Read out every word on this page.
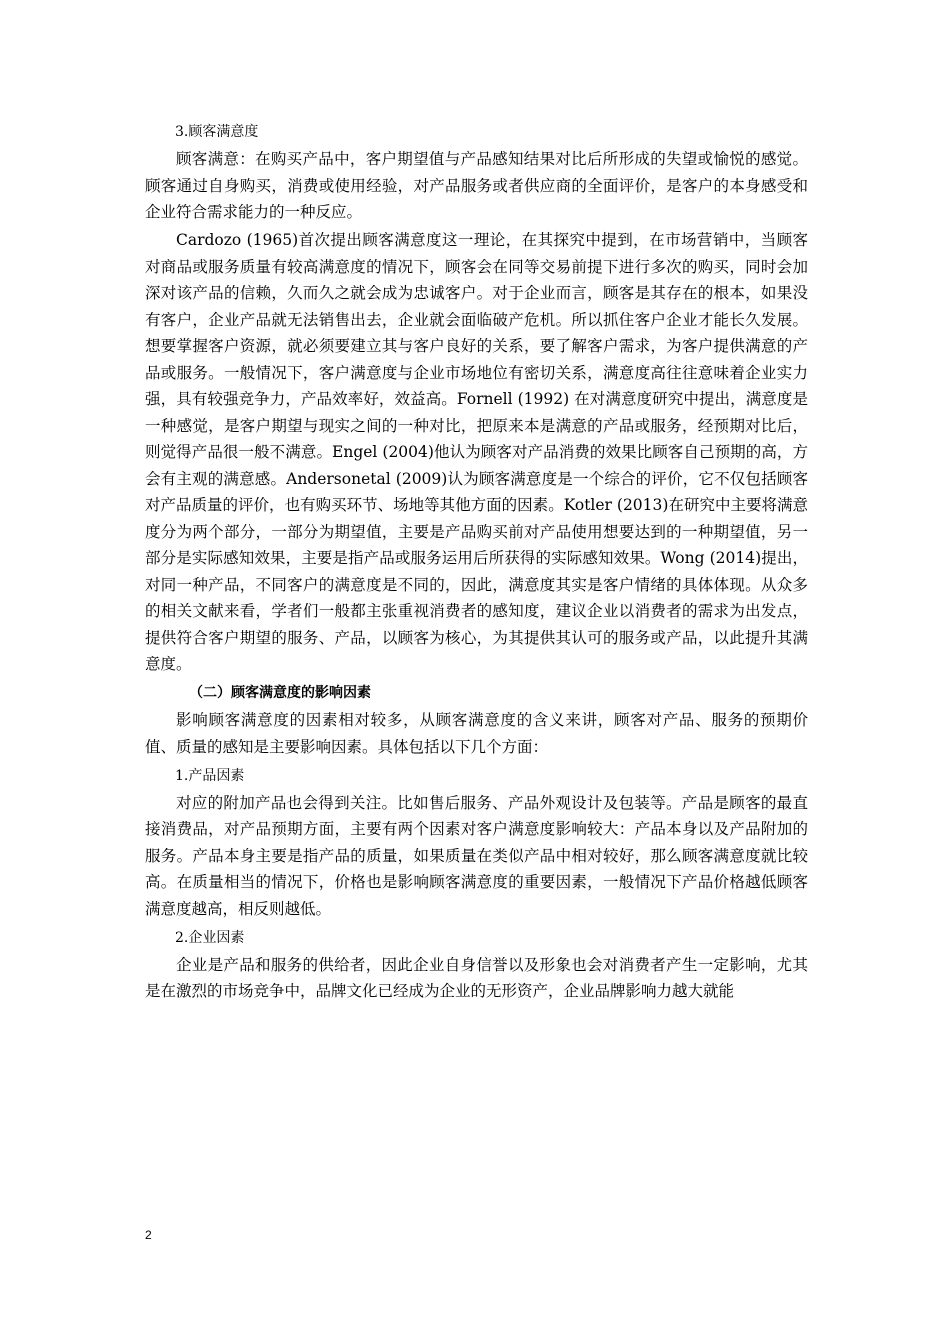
3.顾客满意度

顾客满意：在购买产品中，客户期望值与产品感知结果对比后所形成的失望或愉悦的感觉。顾客通过自身购买，消费或使用经验，对产品服务或者供应商的全面评价，是客户的本身感受和企业符合需求能力的一种反应。

Cardozo (1965)首次提出顾客满意度这一理论，在其探究中提到，在市场营销中，当顾客对商品或服务质量有较高满意度的情况下，顾客会在同等交易前提下进行多次的购买，同时会加深对该产品的信赖，久而久之就会成为忠诚客户。对于企业而言，顾客是其存在的根本，如果没有客户，企业产品就无法销售出去，企业就会面临破产危机。所以抓住客户企业才能长久发展。想要掌握客户资源，就必须要建立其与客户良好的关系，要了解客户需求，为客户提供满意的产品或服务。一般情况下，客户满意度与企业市场地位有密切关系，满意度高往往意味着企业实力强，具有较强竞争力，产品效率好，效益高。Fornell (1992) 在对满意度研究中提出，满意度是一种感觉，是客户期望与现实之间的一种对比，把原来本是满意的产品或服务，经预期对比后，则觉得产品很一般不满意。Engel (2004)他认为顾客对产品消费的效果比顾客自己预期的高，方会有主观的满意感。Andersonetal (2009)认为顾客满意度是一个综合的评价，它不仅包括顾客对产品质量的评价，也有购买环节、场地等其他方面的因素。Kotler (2013)在研究中主要将满意度分为两个部分，一部分为期望值，主要是产品购买前对产品使用想要达到的一种期望值，另一部分是实际感知效果，主要是指产品或服务运用后所获得的实际感知效果。Wong (2014)提出，对同一种产品，不同客户的满意度是不同的，因此，满意度其实是客户情绪的具体体现。从众多的相关文献来看，学者们一般都主张重视消费者的感知度，建议企业以消费者的需求为出发点，提供符合客户期望的服务、产品，以顾客为核心，为其提供其认可的服务或产品，以此提升其满意度。

（二）顾客满意度的影响因素

影响顾客满意度的因素相对较多，从顾客满意度的含义来讲，顾客对产品、服务的预期价值、质量的感知是主要影响因素。具体包括以下几个方面：

1.产品因素

对应的附加产品也会得到关注。比如售后服务、产品外观设计及包装等。产品是顾客的最直接消费品，对产品预期方面，主要有两个因素对客户满意度影响较大：产品本身以及产品附加的服务。产品本身主要是指产品的质量，如果质量在类似产品中相对较好，那么顾客满意度就比较高。在质量相当的情况下，价格也是影响顾客满意度的重要因素，一般情况下产品价格越低顾客满意度越高，相反则越低。

2.企业因素

企业是产品和服务的供给者，因此企业自身信誉以及形象也会对消费者产生一定影响，尤其是在激烈的市场竞争中，品牌文化已经成为企业的无形资产，企业品牌影响力越大就能

2
